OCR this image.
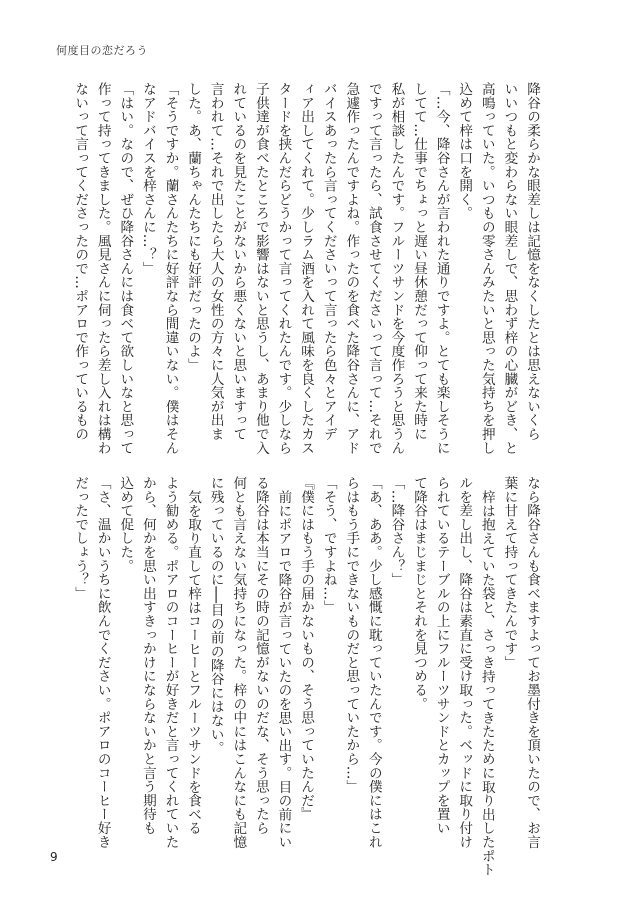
何度目の恋だろう
降谷の柔らかな眼差しは記憶をなくしたとは思えないくら
いいつもと変わらない眼差しで、思わず梓の心臓がどき、と
高鳴っていた。いつもの零さんみたいと思った気持ちを押し
込めて梓は口を開く。
「…今、降谷さんが言われた通りですよ。とても楽しそうに
してて…仕事でちょっと遅い昼休憩だって仰って来た時に
私が相談したんです。フルーツサンドを今度作ろうと思うん
ですって言ったら、試食させてくださいって言って…それで
急遽作ったんですよね。作ったのを食べた降谷さんに、アド
バイスあったら言ってくださいって言ったら色々とアイデ
ィア出してくれて。少しラム酒を入れて風味を良くしたカス
タードを挟んだらどうかって言ってくれたんです。少しなら
子供達が食べたところで影響はないと思うし、あまり他で入
れているのを見たことがないから悪くないと思いますって
言われて…それで出したら大人の女性の方々に人気が出ま
した。あ、蘭ちゃんたちにも好評だったのよ」
「そうですか。蘭さんたちに好評なら間違いない。僕はそん
なアドバイスを梓さんに…？」
「はい。なので、ぜひ降谷さんには食べて欲しいなと思って
作って持ってきました。風見さんに伺ったら差し入れは構わ
ないって言ってくださったので…ポアロで作っているもの
なら降谷さんも食べますよってお墨付きを頂いたので、お言
葉に甘えて持ってきたんです」
梓は抱えていた袋と、さっき持ってきたために取り出したポト
ルを差し出し、降谷は素直に受け取った。ベッドに取り付け
られているテーブルの上にフルーツサンドとカップを置い
て降谷はまじまじとそれを見つめる。
「…降谷さん？」
「あ、ああ。少し感慨に耽っていたんです。今の僕にはこれ
らはもう手にできないものだと思っていたから…」
「そう、ですよね…」
『僕にはもう手の届かないもの、そう思っていたんだ』
前にポアロで降谷が言っていたのを思い出す。目の前にい
る降谷は本当にその時の記憶がないのだな、そう思ったら
何とも言えない気持ちになった。梓の中にはこんなにも記憶
に残っているのに──目の前の降谷にはない。
気を取り直して梓はコーヒーとフルーツサンドを食べる
よう勧める。ポアロのコーヒーが好きだと言ってくれていた
から、何かを思い出すきっかけにならないかと言う期待も
込めて促した。
「さ、温かいうちに飲んでください。ポアロのコーヒー好き
だったでしょう？」
9
